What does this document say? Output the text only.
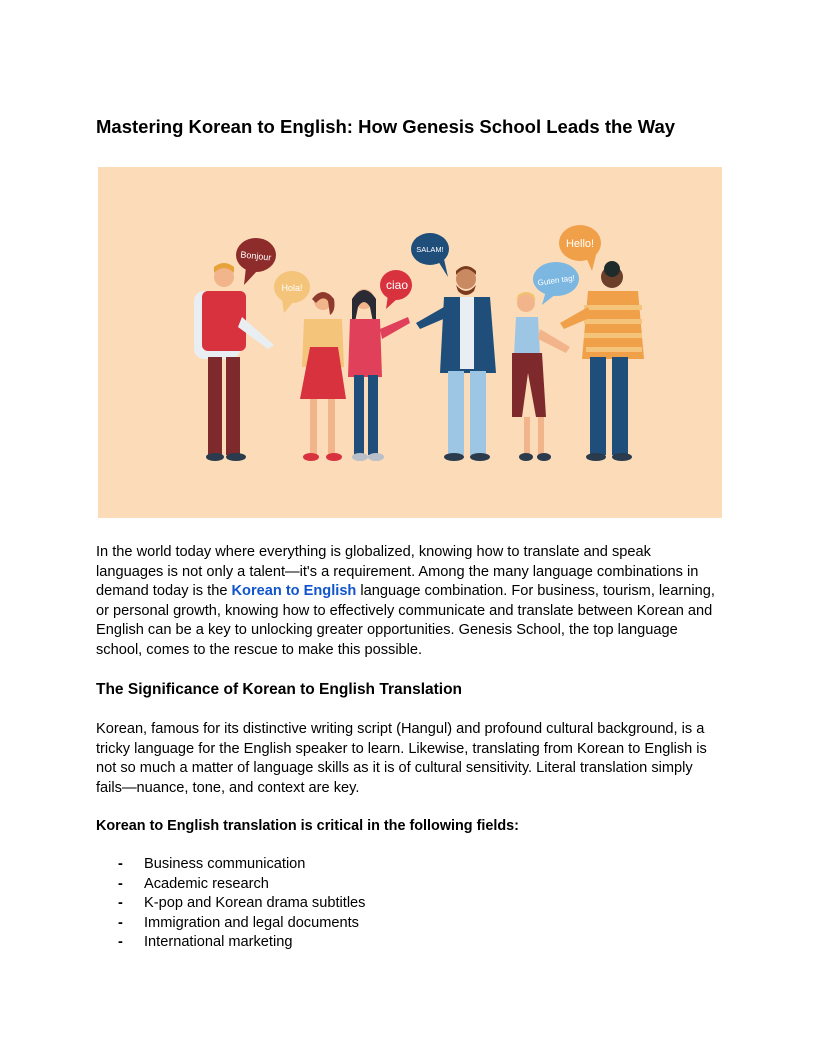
Mastering Korean to English: How Genesis School Leads the Way
Bonjour
Hola!	ciao
SALAM!	Hello!
Guten tag!

In the world today where everything is globalized, knowing how to translate and speak languages is not only a talent—it's a requirement. Among the many language combinations in demand today is the Korean to English language combination. For business, tourism, learning, or personal growth, knowing how to effectively communicate and translate between Korean and English can be a key to unlocking greater opportunities. Genesis School, the top language school, comes to the rescue to make this possible.

The Significance of Korean to English Translation

Korean, famous for its distinctive writing script (Hangul) and profound cultural background, is a tricky language for the English speaker to learn. Likewise, translating from Korean to English is not so much a matter of language skills as it is of cultural sensitivity. Literal translation simply fails—nuance, tone, and context are key.

Korean to English translation is critical in the following fields:

- Business communication
- Academic research
- K-pop and Korean drama subtitles
- Immigration and legal documents
- International marketing
